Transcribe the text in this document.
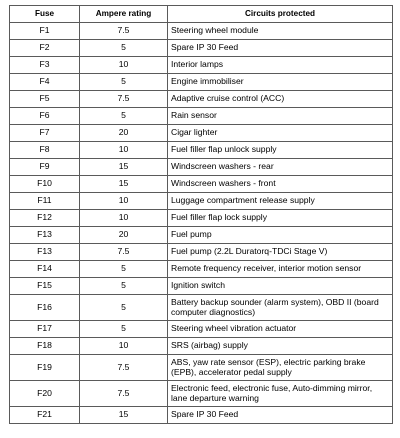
Fuse	Ampere rating	Circuits protected
F1	7.5	Steering wheel module
F2	5	Spare IP 30 Feed
F3	10	Interior lamps
F4	5	Engine immobiliser
F5	7.5	Adaptive cruise control (ACC)
F6	5	Rain sensor
F7	20	Cigar lighter
F8	10	Fuel filler flap unlock supply
F9	15	Windscreen washers - rear
F10	15	Windscreen washers - front
F11	10	Luggage compartment release supply
F12	10	Fuel filler flap lock supply
F13	20	Fuel pump
F13	7.5	Fuel pump (2.2L Duratorq-TDCi Stage V)
F14	5	Remote frequency receiver, interior motion sensor
F15	5	Ignition switch
F16	5	Battery backup sounder (alarm system), OBD II (board computer diagnostics)
F17	5	Steering wheel vibration actuator
F18	10	SRS (airbag) supply
F19	7.5	ABS, yaw rate sensor (ESP), electric parking brake (EPB), accelerator pedal supply
F20	7.5	Electronic feed, electronic fuse, Auto-dimming mirror, lane departure warning
F21	15	Spare IP 30 Feed
